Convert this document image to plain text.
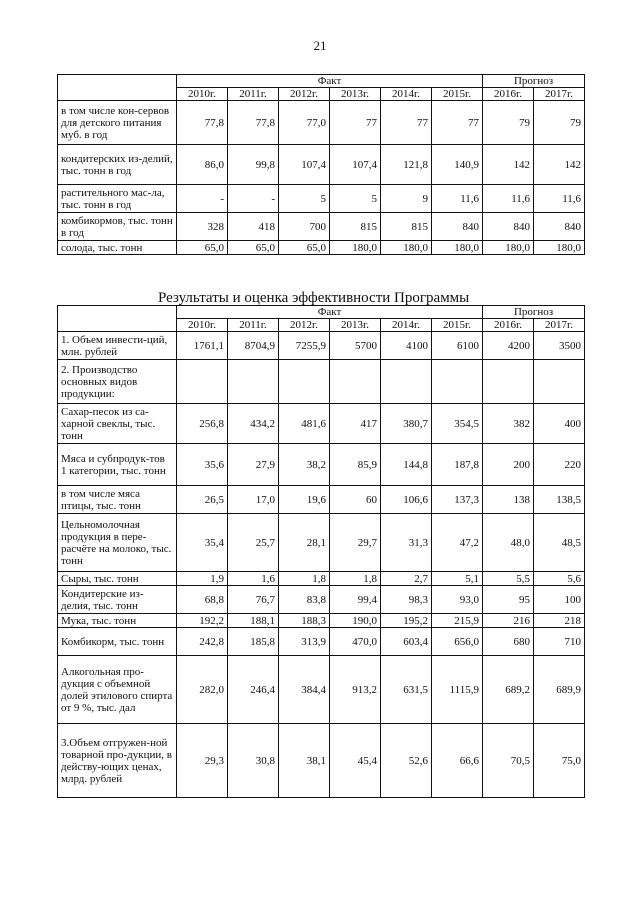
21
	Факт						Прогноз	
	2010г.	2011г.	2012г.	2013г.	2014г.	2015г.	2016г.	2017г.
в том числе кон-сервов для детского питания муб. в год	77,8	77,8	77,0	77	77	77	79	79
кондитерских из-делий, тыс. тонн в год	86,0	99,8	107,4	107,4	121,8	140,9	142	142
растительного мас-ла, тыс. тонн в год	-	-	5	5	9	11,6	11,6	11,6
комбикормов, тыс. тонн в год	328	418	700	815	815	840	840	840
солода, тыс. тонн	65,0	65,0	65,0	180,0	180,0	180,0	180,0	180,0
Результаты и оценка эффективности Программы
	Факт						Прогноз	
	2010г.	2011г.	2012г.	2013г.	2014г.	2015г.	2016г.	2017г.
1. Объем инвести-ций, млн. рублей	1761,1	8704,9	7255,9	5700	4100	6100	4200	3500
2. Производство основных видов продукции:								
Сахар-песок из са-харной свеклы, тыс. тонн	256,8	434,2	481,6	417	380,7	354,5	382	400
Мяса и субпродук-тов 1 категории, тыс. тонн	35,6	27,9	38,2	85,9	144,8	187,8	200	220
в том числе мяса птицы, тыс. тонн	26,5	17,0	19,6	60	106,6	137,3	138	138,5
Цельномолочная продукция в пере-расчёте на молоко, тыс. тонн	35,4	25,7	28,1	29,7	31,3	47,2	48,0	48,5
Сыры, тыс. тонн	1,9	1,6	1,8	1,8	2,7	5,1	5,5	5,6
Кондитерские из-делия, тыс. тонн	68,8	76,7	83,8	99,4	98,3	93,0	95	100
Мука, тыс. тонн	192,2	188,1	188,3	190,0	195,2	215,9	216	218
Комбикорм, тыс. тонн	242,8	185,8	313,9	470,0	603,4	656,0	680	710
Алкогольная про-дукция с объемной долей этилового спирта от 9 %, тыс. дал	282,0	246,4	384,4	913,2	631,5	1115,9	689,2	689,9
3.Объем отгружен-ной товарной про-дукции, в действу-ющих ценах, млрд. рублей	29,3	30,8	38,1	45,4	52,6	66,6	70,5	75,0
